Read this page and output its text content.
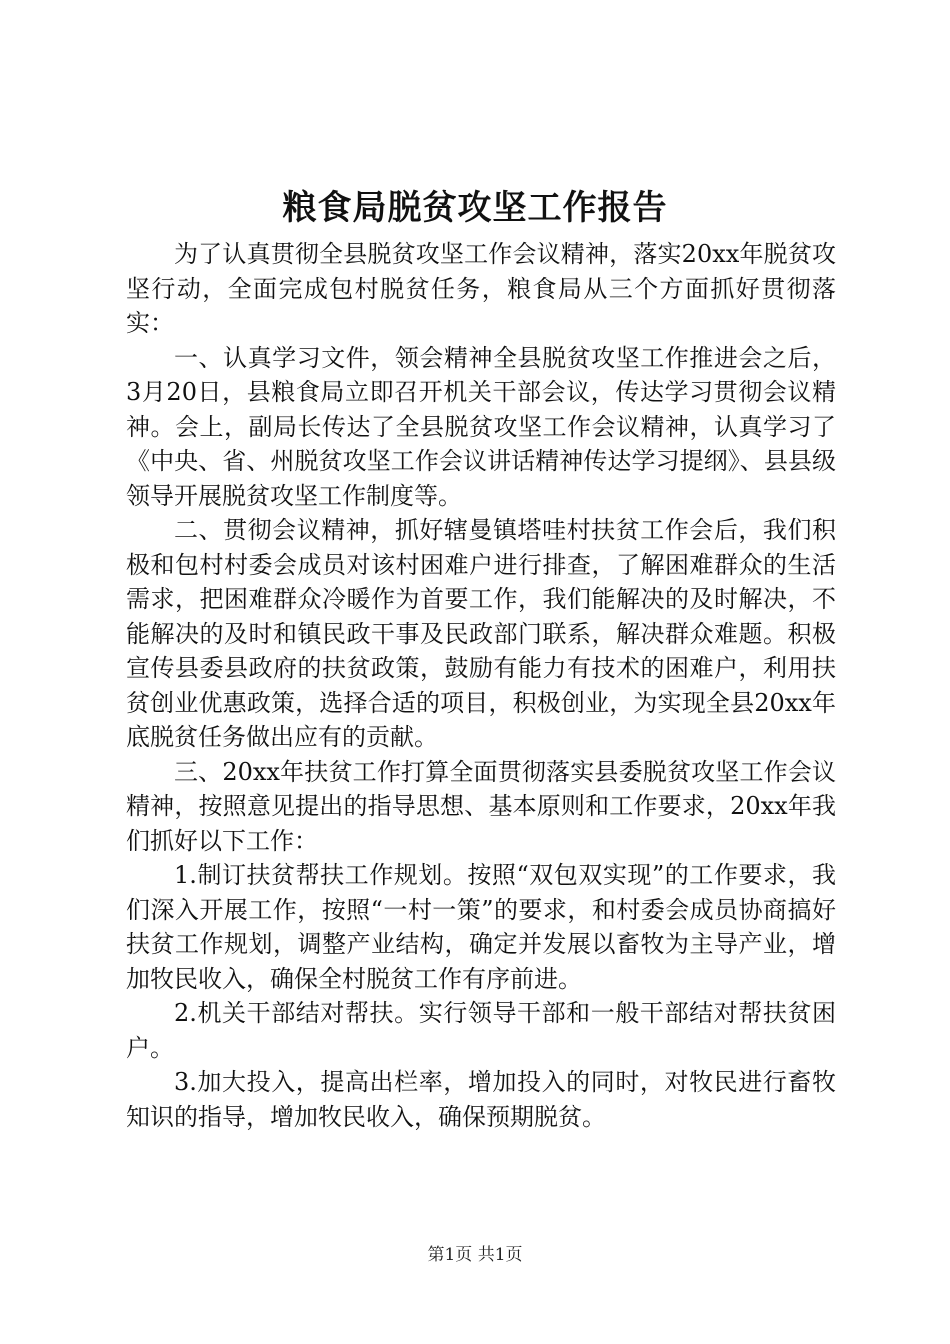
粮食局脱贫攻坚工作报告

为了认真贯彻全县脱贫攻坚工作会议精神，落实20xx年脱贫攻坚行动，全面完成包村脱贫任务，粮食局从三个方面抓好贯彻落实：

一、认真学习文件，领会精神全县脱贫攻坚工作推进会之后，3月20日，县粮食局立即召开机关干部会议，传达学习贯彻会议精神。会上，副局长传达了全县脱贫攻坚工作会议精神，认真学习了《中央、省、州脱贫攻坚工作会议讲话精神传达学习提纲》、县县级领导开展脱贫攻坚工作制度等。

二、贯彻会议精神，抓好辖曼镇塔哇村扶贫工作会后，我们积极和包村村委会成员对该村困难户进行排查，了解困难群众的生活需求，把困难群众冷暖作为首要工作，我们能解决的及时解决，不能解决的及时和镇民政干事及民政部门联系，解决群众难题。积极宣传县委县政府的扶贫政策，鼓励有能力有技术的困难户，利用扶贫创业优惠政策，选择合适的项目，积极创业，为实现全县20xx年底脱贫任务做出应有的贡献。

三、20xx年扶贫工作打算全面贯彻落实县委脱贫攻坚工作会议精神，按照意见提出的指导思想、基本原则和工作要求，20xx年我们抓好以下工作：

1.制订扶贫帮扶工作规划。按照“双包双实现”的工作要求，我们深入开展工作，按照“一村一策”的要求，和村委会成员协商搞好扶贫工作规划，调整产业结构，确定并发展以畜牧为主导产业，增加牧民收入，确保全村脱贫工作有序前进。

2.机关干部结对帮扶。实行领导干部和一般干部结对帮扶贫困户。

3.加大投入，提高出栏率，增加投入的同时，对牧民进行畜牧知识的指导，增加牧民收入，确保预期脱贫。

第1页 共1页
